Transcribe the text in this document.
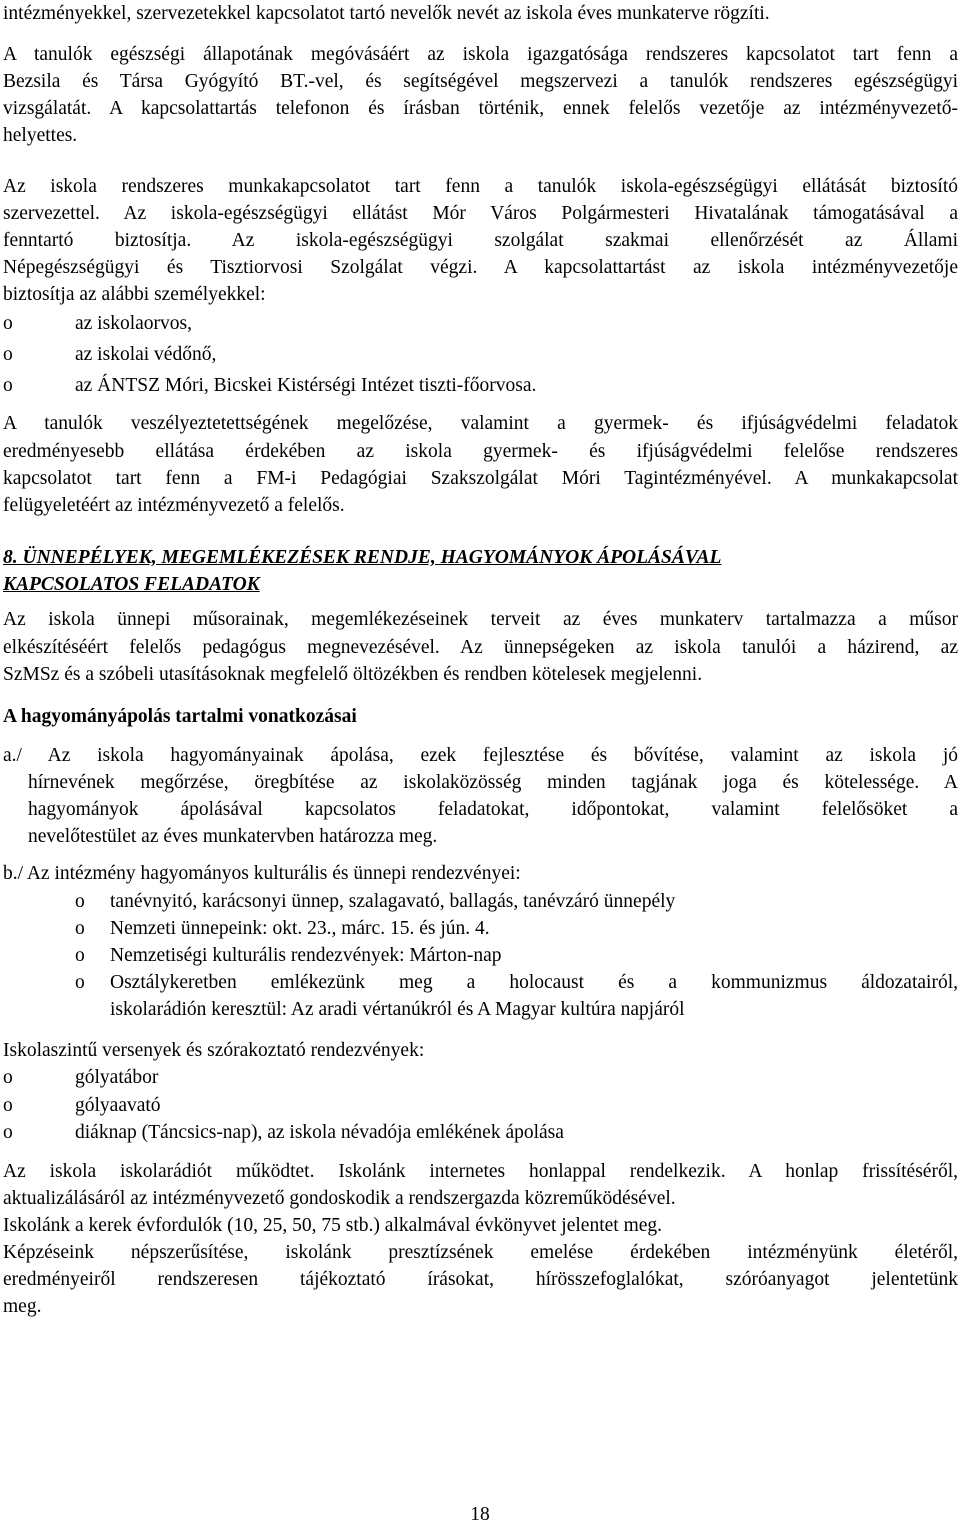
intézményekkel, szervezetekkel kapcsolatot tartó nevelők nevét az iskola éves munkaterve rögzíti.

A tanulók egészségi állapotának megóvásáért az iskola igazgatósága rendszeres kapcsolatot tart fenn a

Bezsila és Társa Gyógyító BT.-vel, és segítségével megszervezi a tanulók rendszeres egészségügyi

vizsgálatát. A kapcsolattartás telefonon és írásban történik, ennek felelős vezetője az intézményvezető-

helyettes.

Az iskola rendszeres munkakapcsolatot tart fenn a tanulók iskola-egészségügyi ellátását biztosító

szervezettel. Az iskola-egészségügyi ellátást Mór Város Polgármesteri Hivatalának támogatásával a

fenntartó biztosítja. Az iskola-egészségügyi szolgálat szakmai ellenőrzését az Állami

Népegészségügyi és Tisztiorvosi Szolgálat végzi. A kapcsolattartást az iskola intézményvezetője

biztosítja az alábbi személyekkel:

o	az iskolaorvos,
o	az iskolai védőnő,
o	az ÁNTSZ Móri, Bicskei Kistérségi Intézet tiszti-főorvosa.

A tanulók veszélyeztetettségének megelőzése, valamint a gyermek- és ifjúságvédelmi feladatok

eredményesebb ellátása érdekében az iskola gyermek- és ifjúságvédelmi felelőse rendszeres

kapcsolatot tart fenn a FM-i Pedagógiai Szakszolgálat Móri Tagintézményével. A munkakapcsolat

felügyeletéért az intézményvezető a felelős.

8. ÜNNEPÉLYEK, MEGEMLÉKEZÉSEK RENDJE, HAGYOMÁNYOK ÁPOLÁSÁVAL

KAPCSOLATOS FELADATOK

Az iskola ünnepi műsorainak, megemlékezéseinek terveit az éves munkaterv tartalmazza a műsor

elkészítéséért felelős pedagógus megnevezésével. Az ünnepségeken az iskola tanulói a házirend, az

SzMSz és a szóbeli utasításoknak megfelelő öltözékben és rendben kötelesek megjelenni.

A hagyományápolás tartalmi vonatkozásai

a./ Az iskola hagyományainak ápolása, ezek fejlesztése és bővítése, valamint az iskola jó

hírnevének megőrzése, öregbítése az iskolaközösség minden tagjának joga és kötelessége. A

hagyományok ápolásával kapcsolatos feladatokat, időpontokat, valamint felelősöket a

nevelőtestület az éves munkatervben határozza meg.

b./ Az intézmény hagyományos kulturális és ünnepi rendezvényei:

o tanévnyitó, karácsonyi ünnep, szalagavató, ballagás, tanévzáró ünnepély
o Nemzeti ünnepeink: okt. 23., márc. 15. és jún. 4.
o Nemzetiségi kulturális rendezvények: Márton-nap
o Osztálykeretben emlékezünk meg a holocaust és a kommunizmus áldozatairól,
iskolarádión keresztül: Az aradi vértanúkról és A Magyar kultúra napjáról

Iskolaszintű versenyek és szórakoztató rendezvények:

o	gólyatábor
o	gólyaavató
o	diáknap (Táncsics-nap), az iskola névadója emlékének ápolása

Az iskola iskolarádiót működtet. Iskolánk internetes honlappal rendelkezik. A honlap frissítéséről,

aktualizálásáról az intézményvezető gondoskodik a rendszergazda közreműködésével.

Iskolánk a kerek évfordulók (10, 25, 50, 75 stb.) alkalmával évkönyvet jelentet meg.

Képzéseink népszerűsítése, iskolánk presztízsének emelése érdekében intézményünk életéről,

eredményeiről rendszeresen tájékoztató írásokat, hírösszefoglalókat, szóróanyagot jelentetünk

meg.

18
